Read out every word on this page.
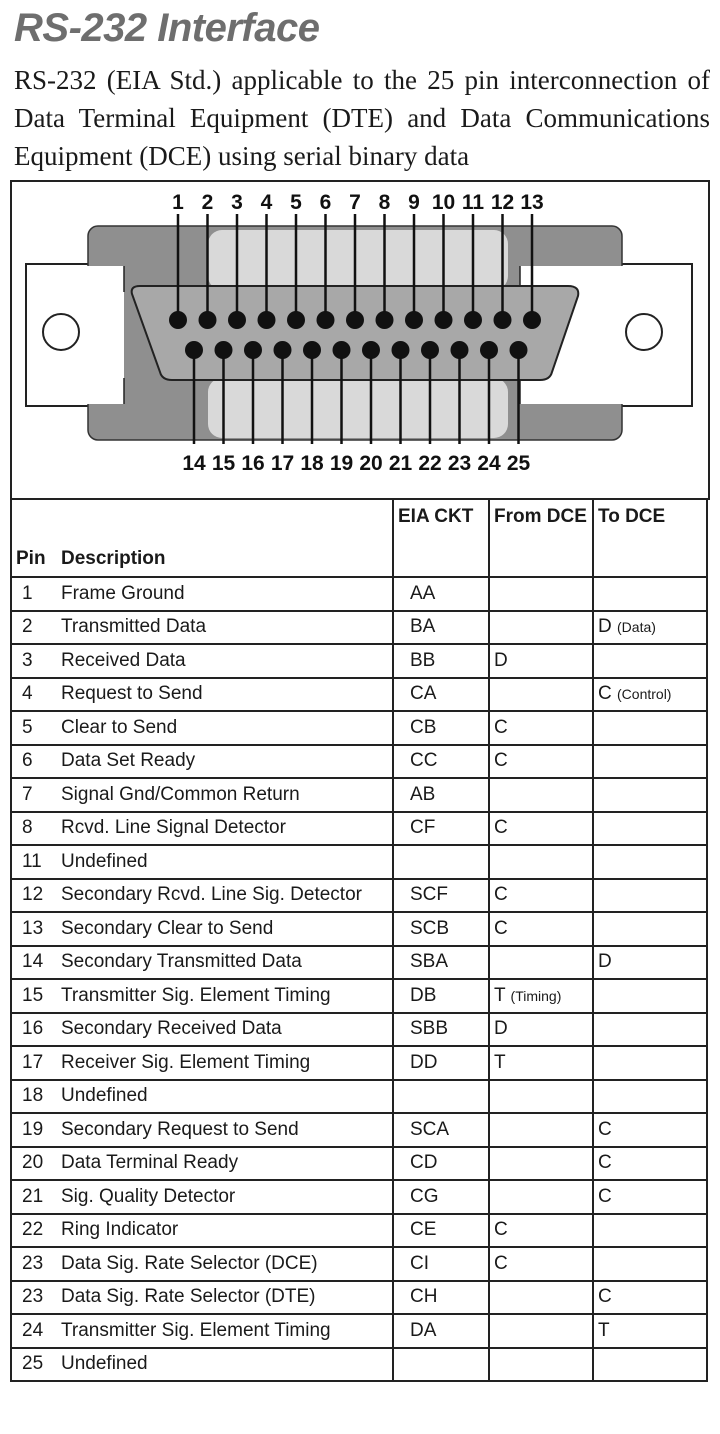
RS-232 Interface
RS-232 (EIA Std.) applicable to the 25 pin interconnection of Data Terminal Equipment (DTE) and Data Communications Equipment (DCE) using serial binary data
1 2 3 4 5 6 7 8 9 10 11 12 13
14 15 16 17 18 19 20 21 22 23 24 25
Pin	Description	EIA CKT	From DCE	To DCE
1	Frame Ground	AA		
2	Transmitted Data	BA		D (Data)
3	Received Data	BB	D	
4	Request to Send	CA		C (Control)
5	Clear to Send	CB	C	
6	Data Set Ready	CC	C	
7	Signal Gnd/Common Return	AB		
8	Rcvd. Line Signal Detector	CF	C	
11	Undefined			
12	Secondary Rcvd. Line Sig. Detector	SCF	C	
13	Secondary Clear to Send	SCB	C	
14	Secondary Transmitted Data	SBA		D
15	Transmitter Sig. Element Timing	DB	T (Timing)	
16	Secondary Received Data	SBB	D	
17	Receiver Sig. Element Timing	DD	T	
18	Undefined			
19	Secondary Request to Send	SCA		C
20	Data Terminal Ready	CD		C
21	Sig. Quality Detector	CG		C
22	Ring Indicator	CE	C	
23	Data Sig. Rate Selector (DCE)	CI	C	
23	Data Sig. Rate Selector (DTE)	CH		C
24	Transmitter Sig. Element Timing	DA		T
25	Undefined			
